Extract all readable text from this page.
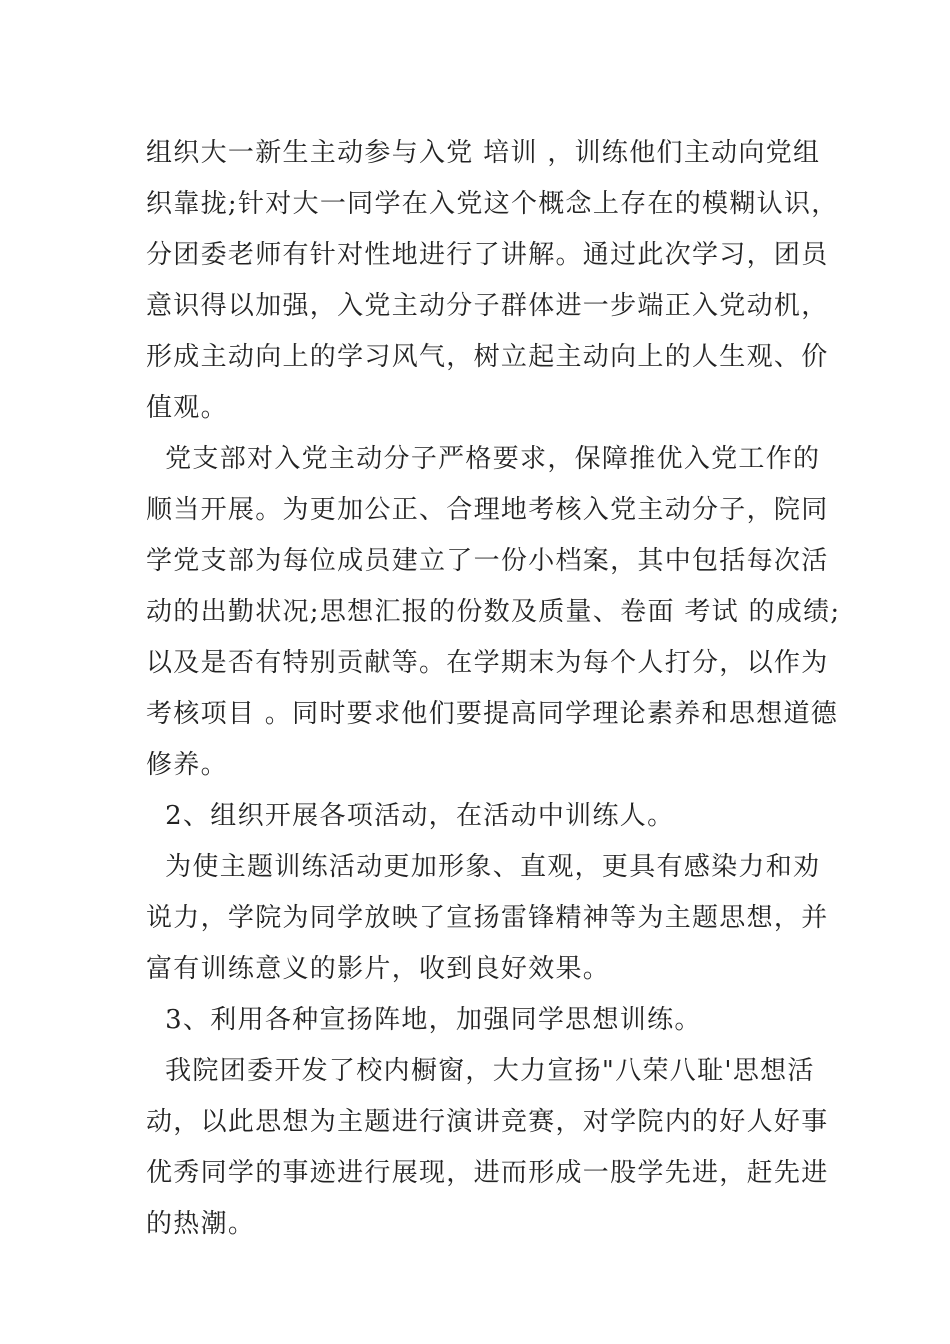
组织大一新生主动参与入党 培训 ，训练他们主动向党组
织靠拢;针对大一同学在入党这个概念上存在的模糊认识，
分团委老师有针对性地进行了讲解。通过此次学习，团员
意识得以加强，入党主动分子群体进一步端正入党动机，
形成主动向上的学习风气，树立起主动向上的人生观、价
值观。
党支部对入党主动分子严格要求，保障推优入党工作的
顺当开展。为更加公正、合理地考核入党主动分子，院同
学党支部为每位成员建立了一份小档案，其中包括每次活
动的出勤状况;思想汇报的份数及质量、卷面 考试 的成绩;
以及是否有特别贡献等。在学期末为每个人打分，以作为
考核项目 。同时要求他们要提高同学理论素养和思想道德
修养。
2、组织开展各项活动，在活动中训练人。
为使主题训练活动更加形象、直观，更具有感染力和劝
说力，学院为同学放映了宣扬雷锋精神等为主题思想，并
富有训练意义的影片，收到良好效果。
3、利用各种宣扬阵地，加强同学思想训练。
我院团委开发了校内橱窗，大力宣扬"八荣八耻'思想活
动，以此思想为主题进行演讲竞赛，对学院内的好人好事
优秀同学的事迹进行展现，进而形成一股学先进，赶先进
的热潮。
